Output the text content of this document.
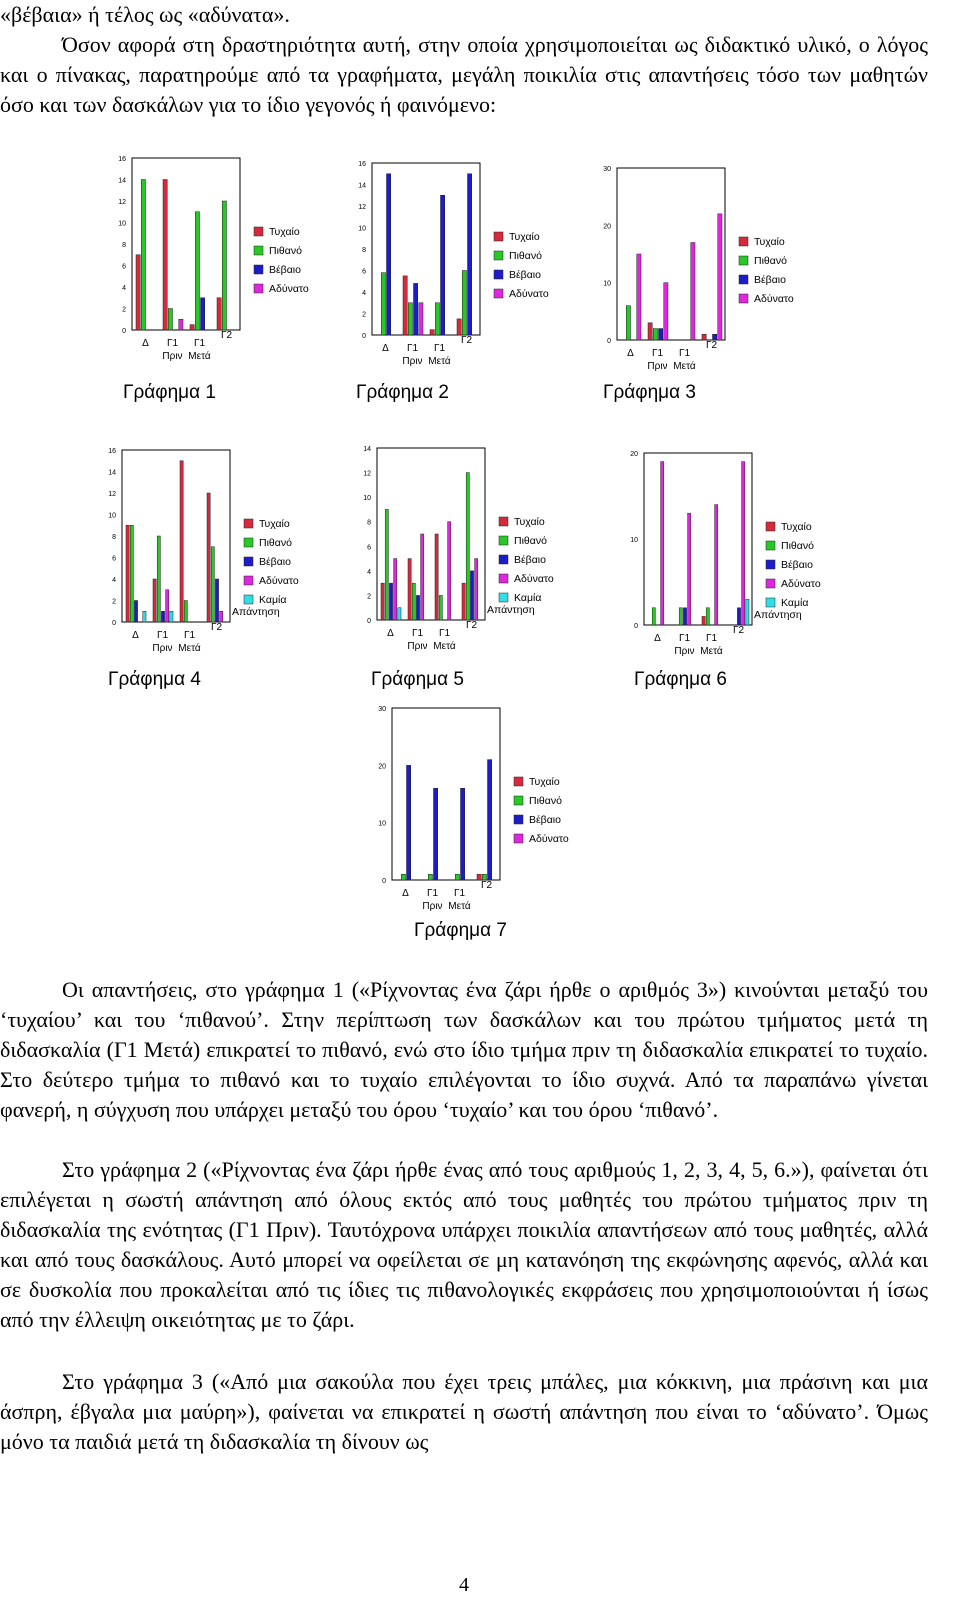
«βέβαια» ή τέλος ως «αδύνατα».

Όσον αφορά στη δραστηριότητα αυτή, στην οποία χρησιμοποιείται ως διδακτικό υλικό, ο λόγος και ο πίνακας, παρατηρούμε από τα γραφήματα, μεγάλη ποικιλία στις απαντήσεις τόσο των μαθητών όσο και των δασκάλων για το ίδιο γεγονός ή φαινόμενο:

0
2
4
6
8
10
12
14
16
Δ Γ1
Πριν
Γ1
Μετά
Γ2
Τυχαίο
Πιθανό
Βέβαιο
Αδύνατο
0
2
4
6
8
10
12
14
16
Δ Γ1
Πριν
Γ1
Μετά
Γ2
Τυχαίο
Πιθανό
Βέβαιο
Αδύνατο
0
10
20
30
Δ Γ1
Πριν
Γ1
Μετά
Γ2
Τυχαίο
Πιθανό
Βέβαιο
Αδύνατο
0
2
4
6
8
10
12
14
16
Δ Γ1
Πριν
Γ1
Μετά
Γ2
Τυχαίο
Πιθανό
Βέβαιο
Αδύνατο
Καμία
Απάντηση
0
2
4
6
8
10
12
14
Δ Γ1
Πριν
Γ1
Μετά
Γ2
Τυχαίο
Πιθανό
Βέβαιο
Αδύνατο
Καμία
Απάντηση
0
10
20
Δ Γ1
Πριν
Γ1
Μετά
Γ2
Τυχαίο
Πιθανό
Βέβαιο
Αδύνατο
Καμία
Απάντηση
0
10
20
30
Δ Γ1
Πριν
Γ1
Μετά
Γ2
Τυχαίο
Πιθανό
Βέβαιο
Αδύνατο
Γράφημα 1	Γράφημα 2	Γράφημα 3
Γράφημα 4	Γράφημα 5	Γράφημα 6
Γράφημα 7

Οι απαντήσεις, στο γράφημα 1 («Ρίχνοντας ένα ζάρι ήρθε ο αριθμός 3») κινούνται μεταξύ του ‘τυχαίου’ και του ‘πιθανού’. Στην περίπτωση των δασκάλων και του πρώτου τμήματος μετά τη διδασκαλία (Γ1 Μετά) επικρατεί το πιθανό, ενώ στο ίδιο τμήμα πριν τη διδασκαλία επικρατεί το τυχαίο. Στο δεύτερο τμήμα το πιθανό και το τυχαίο επιλέγονται το ίδιο συχνά. Από τα παραπάνω γίνεται φανερή, η σύγχυση που υπάρχει μεταξύ του όρου ‘τυχαίο’ και του όρου ‘πιθανό’.

Στο γράφημα 2 («Ρίχνοντας ένα ζάρι ήρθε ένας από τους αριθμούς 1, 2, 3, 4, 5, 6.»), φαίνεται ότι επιλέγεται η σωστή απάντηση από όλους εκτός από τους μαθητές του πρώτου τμήματος πριν τη διδασκαλία της ενότητας (Γ1 Πριν). Ταυτόχρονα υπάρχει ποικιλία απαντήσεων από τους μαθητές, αλλά και από τους δασκάλους. Αυτό μπορεί να οφείλεται σε μη κατανόηση της εκφώνησης αφενός, αλλά και σε δυσκολία που προκαλείται από τις ίδιες τις πιθανολογικές εκφράσεις που χρησιμοποιούνται ή ίσως από την έλλειψη οικειότητας με το ζάρι.

Στο γράφημα 3 («Από μια σακούλα που έχει τρεις μπάλες, μια κόκκινη, μια πράσινη και μια άσπρη, έβγαλα μια μαύρη»), φαίνεται να επικρατεί η σωστή απάντηση που είναι το ‘αδύνατο’. Όμως μόνο τα παιδιά μετά τη διδασκαλία τη δίνουν ως

4
